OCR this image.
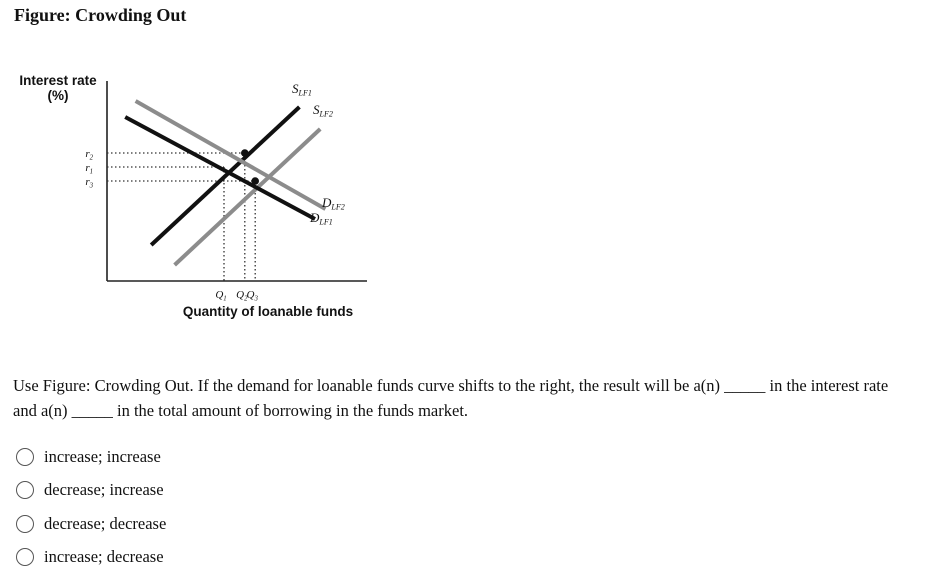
Figure: Crowding Out
Interest rate
(%)
Quantity of loanable funds
SLF1
SLF2
DLF2
DLF1
$r_2$
$r_1$
$r_3$
$Q_1$ $Q_2$ $Q_3$
Use Figure: Crowding Out. If the demand for loanable funds curve shifts to the right, the result will be a(n) _____ in the interest rate and a(n) _____ in the total amount of borrowing in the funds market.
increase; increase
decrease; increase
decrease; decrease
increase; decrease
